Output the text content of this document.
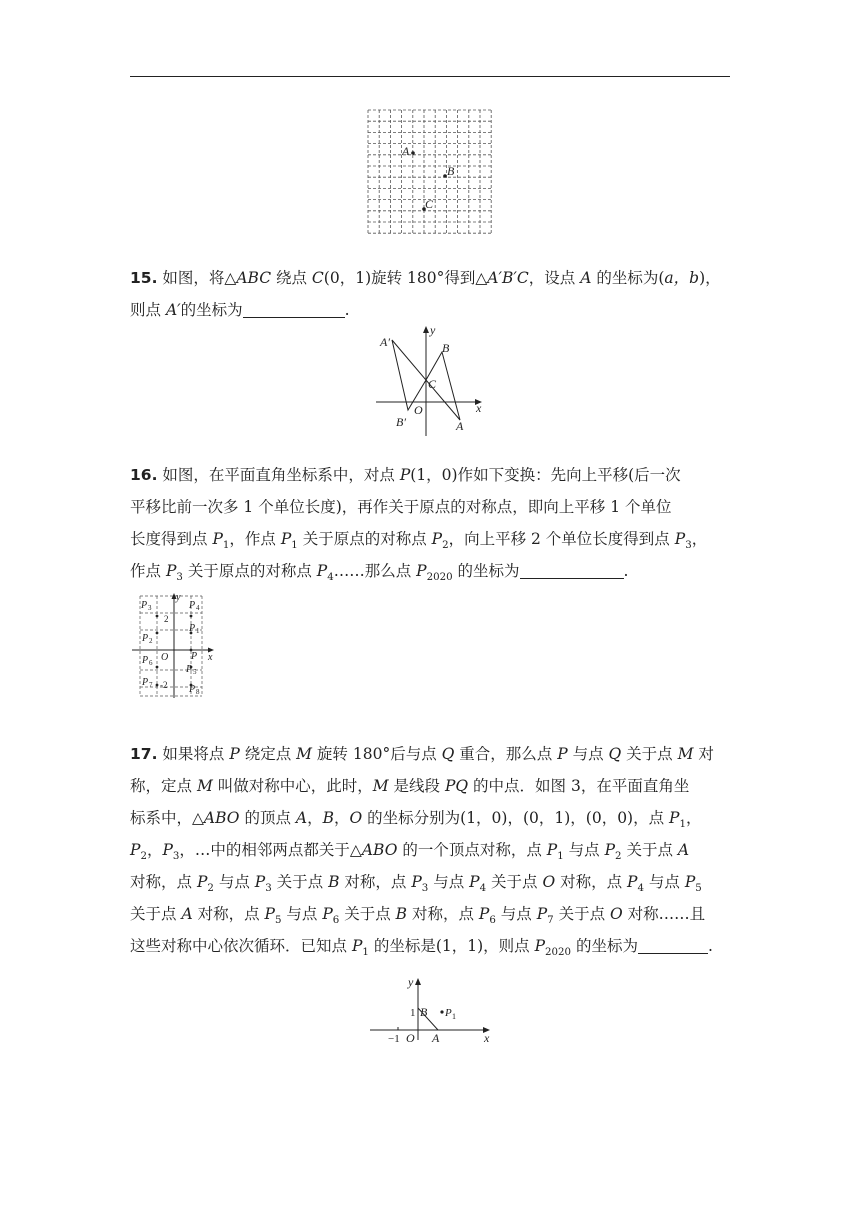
A
B
C

15. 如图，将△ABC 绕点 C(0，1)旋转 180°得到△A′B′C，设点 A 的坐标为(a，b)，

则点 A′的坐标为	.

A′
y
B
C
O	x
B′	A

16. 如图，在平面直角坐标系中，对点 P(1，0)作如下变换：先向上平移(后一次

平移比前一次多 1 个单位长度)，再作关于原点的对称点，即向上平移 1 个单位

长度得到点 $P_1$，作点 $P_1$ 关于原点的对称点 $P_2$，向上平移 2 个单位长度得到点 $P_3$，

作点 $P_3$ 关于原点的对称点 $P_4\dots\dots$那么点 $P_{2020}$ 的坐标为	.

y
x
O
2
-2
P
P 1
P 2
P 3	P 4
P 5
P 6
P 7	P 8

17. 如果将点 P 绕定点 M 旋转 180°后与点 Q 重合，那么点 P 与点 Q 关于点 M 对

称，定点 M 叫做对称中心，此时，M 是线段 PQ 的中点．如图 3，在平面直角坐

标系中，△ABO 的顶点 A，B，O 的坐标分别为(1，0)，(0，1)，(0，0)，点 $P_1$，

$P_2$，$P_3$，…中的相邻两点都关于△ABO 的一个顶点对称，点 $P_1$ 与点 $P_2$ 关于点 A

对称，点 $P_2$ 与点 $P_3$ 关于点 B 对称，点 $P_3$ 与点 $P_4$ 关于点 O 对称，点 $P_4$ 与点 $P_5$

关于点 A 对称，点 $P_5$ 与点 $P_6$ 关于点 B 对称，点 $P_6$ 与点 $P_7$ 关于点 O 对称……且

这些对称中心依次循环．已知点 $P_1$ 的坐标是(1，1)，则点 $P_{2020}$ 的坐标为	.

y
x
1 B P 1
−1 O A
